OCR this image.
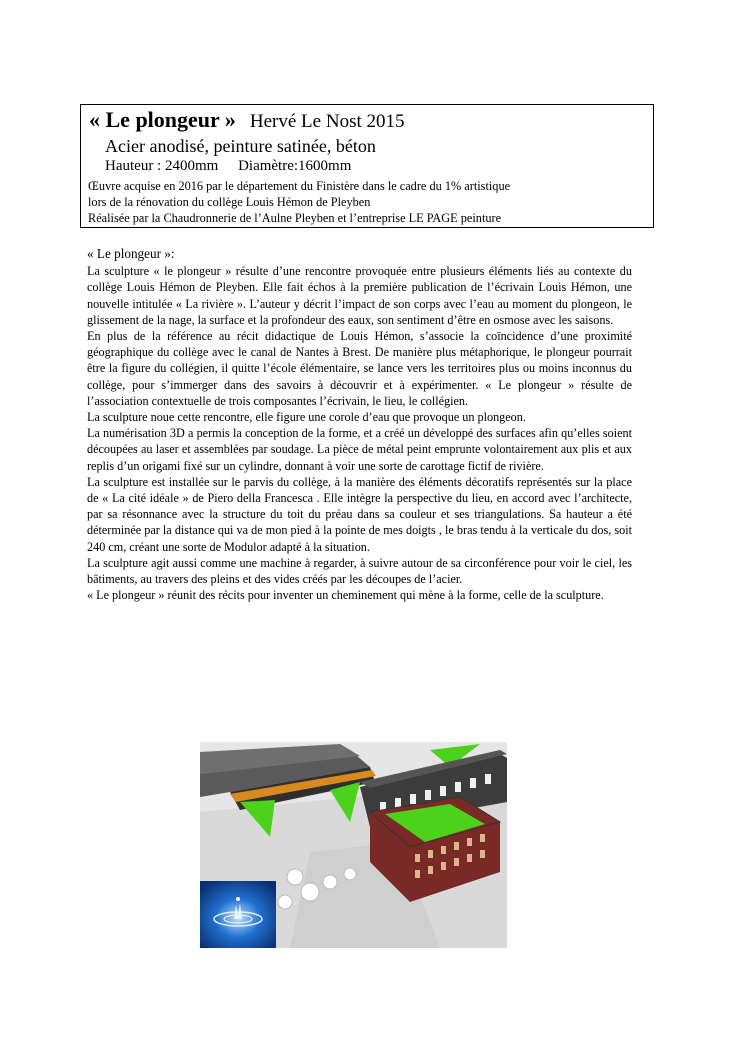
« Le plongeur » Hervé Le Nost 2015
Acier anodisé, peinture satinée, béton
Hauteur : 2400mm Diamètre:1600mm
Œuvre acquise en 2016 par le département du Finistère dans le cadre du 1% artistique
lors de la rénovation du collège Louis Hémon de Pleyben
Réalisée par la Chaudronnerie de l’Aulne Pleyben et l’entreprise LE PAGE peinture
« Le plongeur »:

La sculpture « le plongeur » résulte d’une rencontre provoquée entre plusieurs éléments liés au contexte du collège Louis Hémon de Pleyben. Elle fait échos à la première publication de l’écrivain Louis Hémon, une nouvelle intitulée « La rivière ». L’auteur y décrit l’impact de son corps avec l’eau au moment du plongeon, le glissement de la nage, la surface et la profondeur des eaux, son sentiment d’être en osmose avec les saisons.

En plus de la référence au récit didactique de Louis Hémon, s’associe la coïncidence d’une proximité géographique du collège avec le canal de Nantes à Brest. De manière plus métaphorique, le plongeur pourrait être la figure du collégien, il quitte l’école élémentaire, se lance vers les territoires plus ou moins inconnus du collège, pour s’immerger dans des savoirs à découvrir et à expérimenter. « Le plongeur » résulte de l’association contextuelle de trois composantes l’écrivain, le lieu, le collégien.

La sculpture noue cette rencontre, elle figure une corole d’eau que provoque un plongeon.

La numérisation 3D a permis la conception de la forme, et a créé un développé des surfaces afin qu’elles soient découpées au laser et assemblées par soudage. La pièce de métal peint emprunte volontairement aux plis et aux replis d’un origami fixé sur un cylindre, donnant à voir une sorte de carottage fictif de rivière.

La sculpture est installée sur le parvis du collège, à la manière des éléments décoratifs représentés sur la place de « La cité idéale » de Piero della Francesca . Elle intègre la perspective du lieu, en accord avec l’architecte, par sa résonnance avec la structure du toit du préau dans sa couleur et ses triangulations. Sa hauteur a été déterminée par la distance qui va de mon pied à la pointe de mes doigts , le bras tendu à la verticale du dos, soit 240 cm, créant une sorte de Modulor adapté à la situation.

La sculpture agit aussi comme une machine à regarder, à suivre autour de sa circonférence pour voir le ciel, les bâtiments, au travers des pleins et des vides créés par les découpes de l’acier.

« Le plongeur » réunit des récits pour inventer un cheminement qui mène à la forme, celle de la sculpture.
